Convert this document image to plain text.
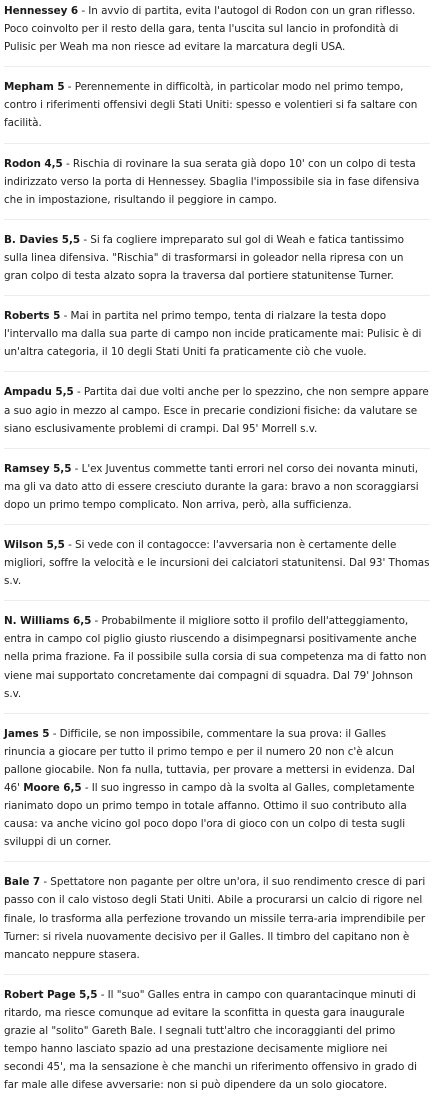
Hennessey 6 - In avvio di partita, evita l'autogol di Rodon con un gran riflesso. Poco coinvolto per il resto della gara, tenta l'uscita sul lancio in profondità di Pulisic per Weah ma non riesce ad evitare la marcatura degli USA.

Mepham 5 - Perennemente in difficoltà, in particolar modo nel primo tempo, contro i riferimenti offensivi degli Stati Uniti: spesso e volentieri si fa saltare con facilità.

Rodon 4,5 - Rischia di rovinare la sua serata già dopo 10' con un colpo di testa indirizzato verso la porta di Hennessey. Sbaglia l'impossibile sia in fase difensiva che in impostazione, risultando il peggiore in campo.

B. Davies 5,5 - Si fa cogliere impreparato sul gol di Weah e fatica tantissimo sulla linea difensiva. "Rischia" di trasformarsi in goleador nella ripresa con un gran colpo di testa alzato sopra la traversa dal portiere statunitense Turner.

Roberts 5 - Mai in partita nel primo tempo, tenta di rialzare la testa dopo l'intervallo ma dalla sua parte di campo non incide praticamente mai: Pulisic è di un'altra categoria, il 10 degli Stati Uniti fa praticamente ciò che vuole.

Ampadu 5,5 - Partita dai due volti anche per lo spezzino, che non sempre appare a suo agio in mezzo al campo. Esce in precarie condizioni fisiche: da valutare se siano esclusivamente problemi di crampi. Dal 95' Morrell s.v.

Ramsey 5,5 - L'ex Juventus commette tanti errori nel corso dei novanta minuti, ma gli va dato atto di essere cresciuto durante la gara: bravo a non scoraggiarsi dopo un primo tempo complicato. Non arriva, però, alla sufficienza.

Wilson 5,5 - Si vede con il contagocce: l'avversaria non è certamente delle migliori, soffre la velocità e le incursioni dei calciatori statunitensi. Dal 93' Thomas s.v.

N. Williams 6,5 - Probabilmente il migliore sotto il profilo dell'atteggiamento, entra in campo col piglio giusto riuscendo a disimpegnarsi positivamente anche nella prima frazione. Fa il possibile sulla corsia di sua competenza ma di fatto non viene mai supportato concretamente dai compagni di squadra. Dal 79' Johnson s.v.

James 5 - Difficile, se non impossibile, commentare la sua prova: il Galles rinuncia a giocare per tutto il primo tempo e per il numero 20 non c'è alcun pallone giocabile. Non fa nulla, tuttavia, per provare a mettersi in evidenza. Dal 46' Moore 6,5 - Il suo ingresso in campo dà la svolta al Galles, completamente rianimato dopo un primo tempo in totale affanno. Ottimo il suo contributo alla causa: va anche vicino gol poco dopo l'ora di gioco con un colpo di testa sugli sviluppi di un corner.

Bale 7 - Spettatore non pagante per oltre un'ora, il suo rendimento cresce di pari passo con il calo vistoso degli Stati Uniti. Abile a procurarsi un calcio di rigore nel finale, lo trasforma alla perfezione trovando un missile terra-aria imprendibile per Turner: si rivela nuovamente decisivo per il Galles. Il timbro del capitano non è mancato neppure stasera.

Robert Page 5,5 - Il "suo" Galles entra in campo con quarantacinque minuti di ritardo, ma riesce comunque ad evitare la sconfitta in questa gara inaugurale grazie al "solito" Gareth Bale. I segnali tutt'altro che incoraggianti del primo tempo hanno lasciato spazio ad una prestazione decisamente migliore nei secondi 45', ma la sensazione è che manchi un riferimento offensivo in grado di far male alle difese avversarie: non si può dipendere da un solo giocatore.
